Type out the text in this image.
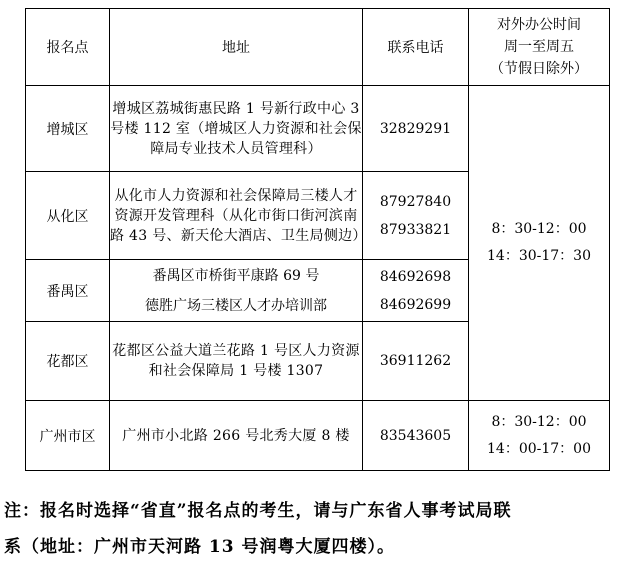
报名点	地址	联系电话	对外办公时间
周一至周五
（节假日除外）

增城区	增城区荔城街惠民路 1 号新行政中心 3 号楼 112 室（增城区人力资源和社会保障局专业技术人员管理科）	32829291	8：30-12：00
14：30-17：30

从化区	从化市人力资源和社会保障局三楼人才资源开发管理科（从化市街口街河滨南路 43 号、新天伦大酒店、卫生局侧边）	87927840
87933821	

番禺区	番禺区市桥街平康路 69 号
德胜广场三楼区人才办培训部	84692698
84692699	

花都区	花都区公益大道兰花路 1 号区人力资源和社会保障局 1 号楼 1307	36911262	

广州市区	广州市小北路 266 号北秀大厦 8 楼	83543605	8：30-12：00
14：00-17：00
注：报名时选择“省直”报名点的考生，请与广东省人事考试局联
系（地址：广州市天河路 13 号润粤大厦四楼）。
